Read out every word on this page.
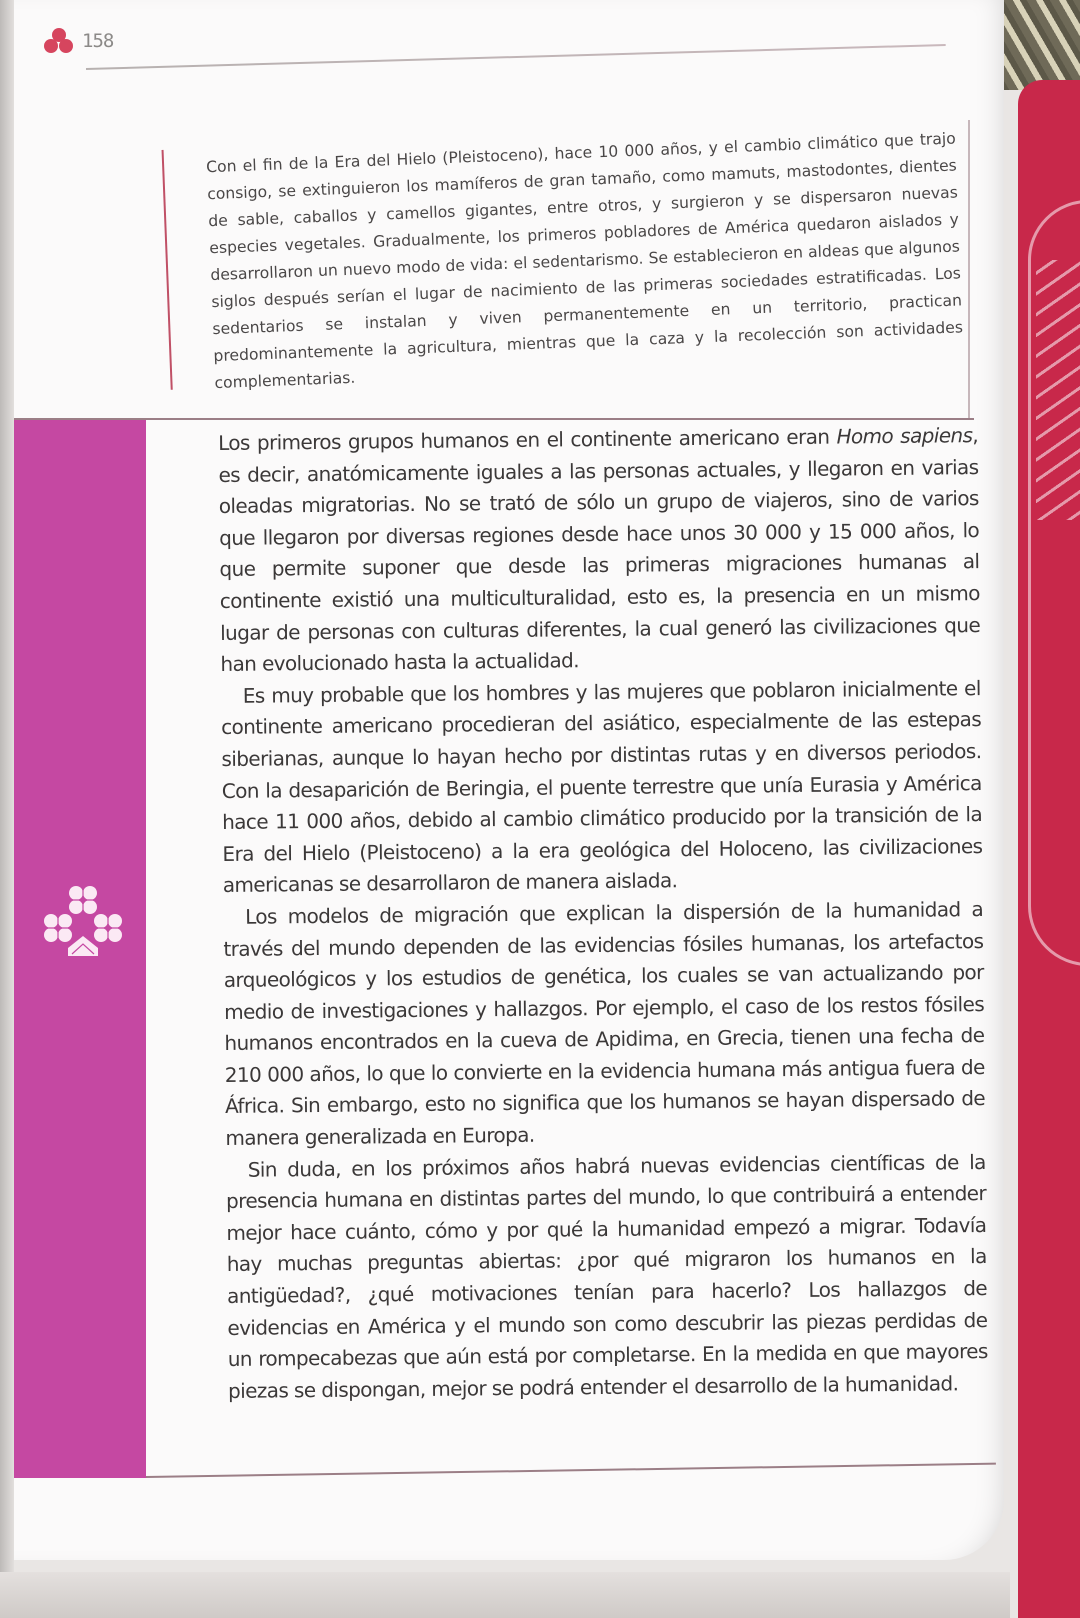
158

Con el fin de la Era del Hielo (Pleistoceno), hace 10 000 años, y el cambio climático que trajo consigo, se extinguieron los mamíferos de gran tamaño, como mamuts, mastodontes, dientes de sable, caballos y camellos gigantes, entre otros, y surgieron y se dispersaron nuevas especies vegetales. Gradualmente, los primeros pobladores de América quedaron aislados y desarrollaron un nuevo modo de vida: el sedentarismo. Se establecieron en aldeas que algunos siglos después serían el lugar de nacimiento de las primeras sociedades estratificadas. Los sedentarios se instalan y viven permanentemente en un territorio, practican predominantemente la agricultura, mientras que la caza y la recolección son actividades complementarias.

Los primeros grupos humanos en el continente americano eran Homo sapiens, es decir, anatómicamente iguales a las personas actuales, y llegaron en varias oleadas migratorias. No se trató de sólo un grupo de viajeros, sino de varios que llegaron por diversas regiones desde hace unos 30 000 y 15 000 años, lo que permite suponer que desde las primeras migraciones humanas al continente existió una multiculturalidad, esto es, la presencia en un mismo lugar de personas con culturas diferentes, la cual generó las civilizaciones que han evolucionado hasta la actualidad.

Es muy probable que los hombres y las mujeres que poblaron inicialmente el continente americano procedieran del asiático, especialmente de las estepas siberianas, aunque lo hayan hecho por distintas rutas y en diversos periodos. Con la desaparición de Beringia, el puente terrestre que unía Eurasia y América hace 11 000 años, debido al cambio climático producido por la transición de la Era del Hielo (Pleistoceno) a la era geológica del Holoceno, las civilizaciones americanas se desarrollaron de manera aislada.

Los modelos de migración que explican la dispersión de la humanidad a través del mundo dependen de las evidencias fósiles humanas, los artefactos arqueológicos y los estudios de genética, los cuales se van actualizando por medio de investigaciones y hallazgos. Por ejemplo, el caso de los restos fósiles humanos encontrados en la cueva de Apidima, en Grecia, tienen una fecha de 210 000 años, lo que lo convierte en la evidencia humana más antigua fuera de África. Sin embargo, esto no significa que los humanos se hayan dispersado de manera generalizada en Europa.

Sin duda, en los próximos años habrá nuevas evidencias científicas de la presencia humana en distintas partes del mundo, lo que contribuirá a entender mejor hace cuánto, cómo y por qué la humanidad empezó a migrar. Todavía hay muchas preguntas abiertas: ¿por qué migraron los humanos en la antigüedad?, ¿qué motivaciones tenían para hacerlo? Los hallazgos de evidencias en América y el mundo son como descubrir las piezas perdidas de un rompecabezas que aún está por completarse. En la medida en que mayores piezas se dispongan, mejor se podrá entender el desarrollo de la humanidad.
